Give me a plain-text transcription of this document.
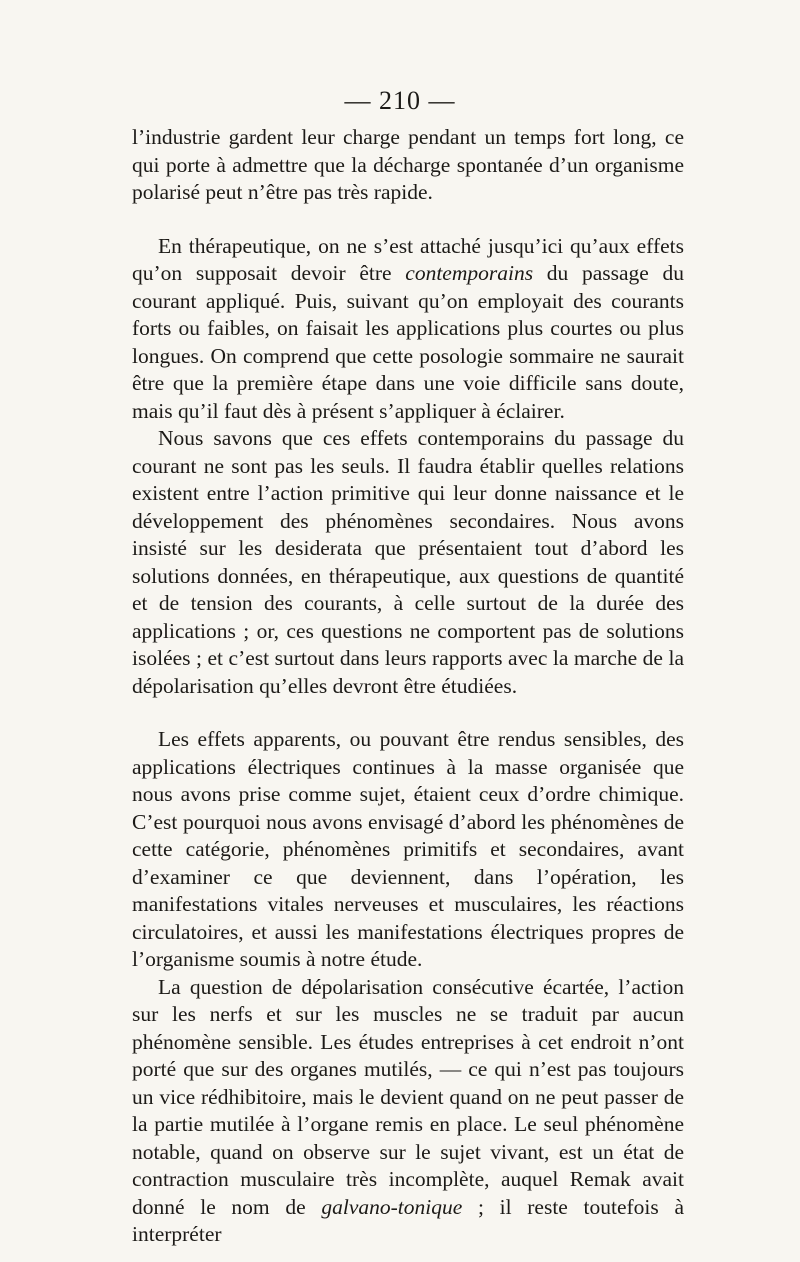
— 210 —

l’industrie gardent leur charge pendant un temps fort long, ce qui porte à admettre que la décharge spontanée d’un organisme polarisé peut n’être pas très rapide.

En thérapeutique, on ne s’est attaché jusqu’ici qu’aux effets qu’on supposait devoir être contemporains du passage du courant appliqué. Puis, suivant qu’on employait des courants forts ou faibles, on faisait les applications plus courtes ou plus longues. On comprend que cette posologie sommaire ne saurait être que la première étape dans une voie difficile sans doute, mais qu’il faut dès à présent s’appliquer à éclairer.

Nous savons que ces effets contemporains du passage du courant ne sont pas les seuls. Il faudra établir quelles relations existent entre l’action primitive qui leur donne naissance et le développement des phénomènes secondaires. Nous avons insisté sur les desiderata que présentaient tout d’abord les solutions données, en thérapeutique, aux questions de quantité et de tension des courants, à celle surtout de la durée des applications ; or, ces questions ne comportent pas de solutions isolées ; et c’est surtout dans leurs rapports avec la marche de la dépolarisation qu’elles devront être étudiées.

Les effets apparents, ou pouvant être rendus sensibles, des applications électriques continues à la masse organisée que nous avons prise comme sujet, étaient ceux d’ordre chimique. C’est pourquoi nous avons envisagé d’abord les phénomènes de cette catégorie, phénomènes primitifs et secondaires, avant d’examiner ce que deviennent, dans l’opération, les manifestations vitales nerveuses et musculaires, les réactions circulatoires, et aussi les manifestations électriques propres de l’organisme soumis à notre étude.

La question de dépolarisation consécutive écartée, l’action sur les nerfs et sur les muscles ne se traduit par aucun phénomène sensible. Les études entreprises à cet endroit n’ont porté que sur des organes mutilés, — ce qui n’est pas toujours un vice rédhibitoire, mais le devient quand on ne peut passer de la partie mutilée à l’organe remis en place. Le seul phénomène notable, quand on observe sur le sujet vivant, est un état de contraction musculaire très incomplète, auquel Remak avait donné le nom de galvano-tonique ; il reste toutefois à interpréter
